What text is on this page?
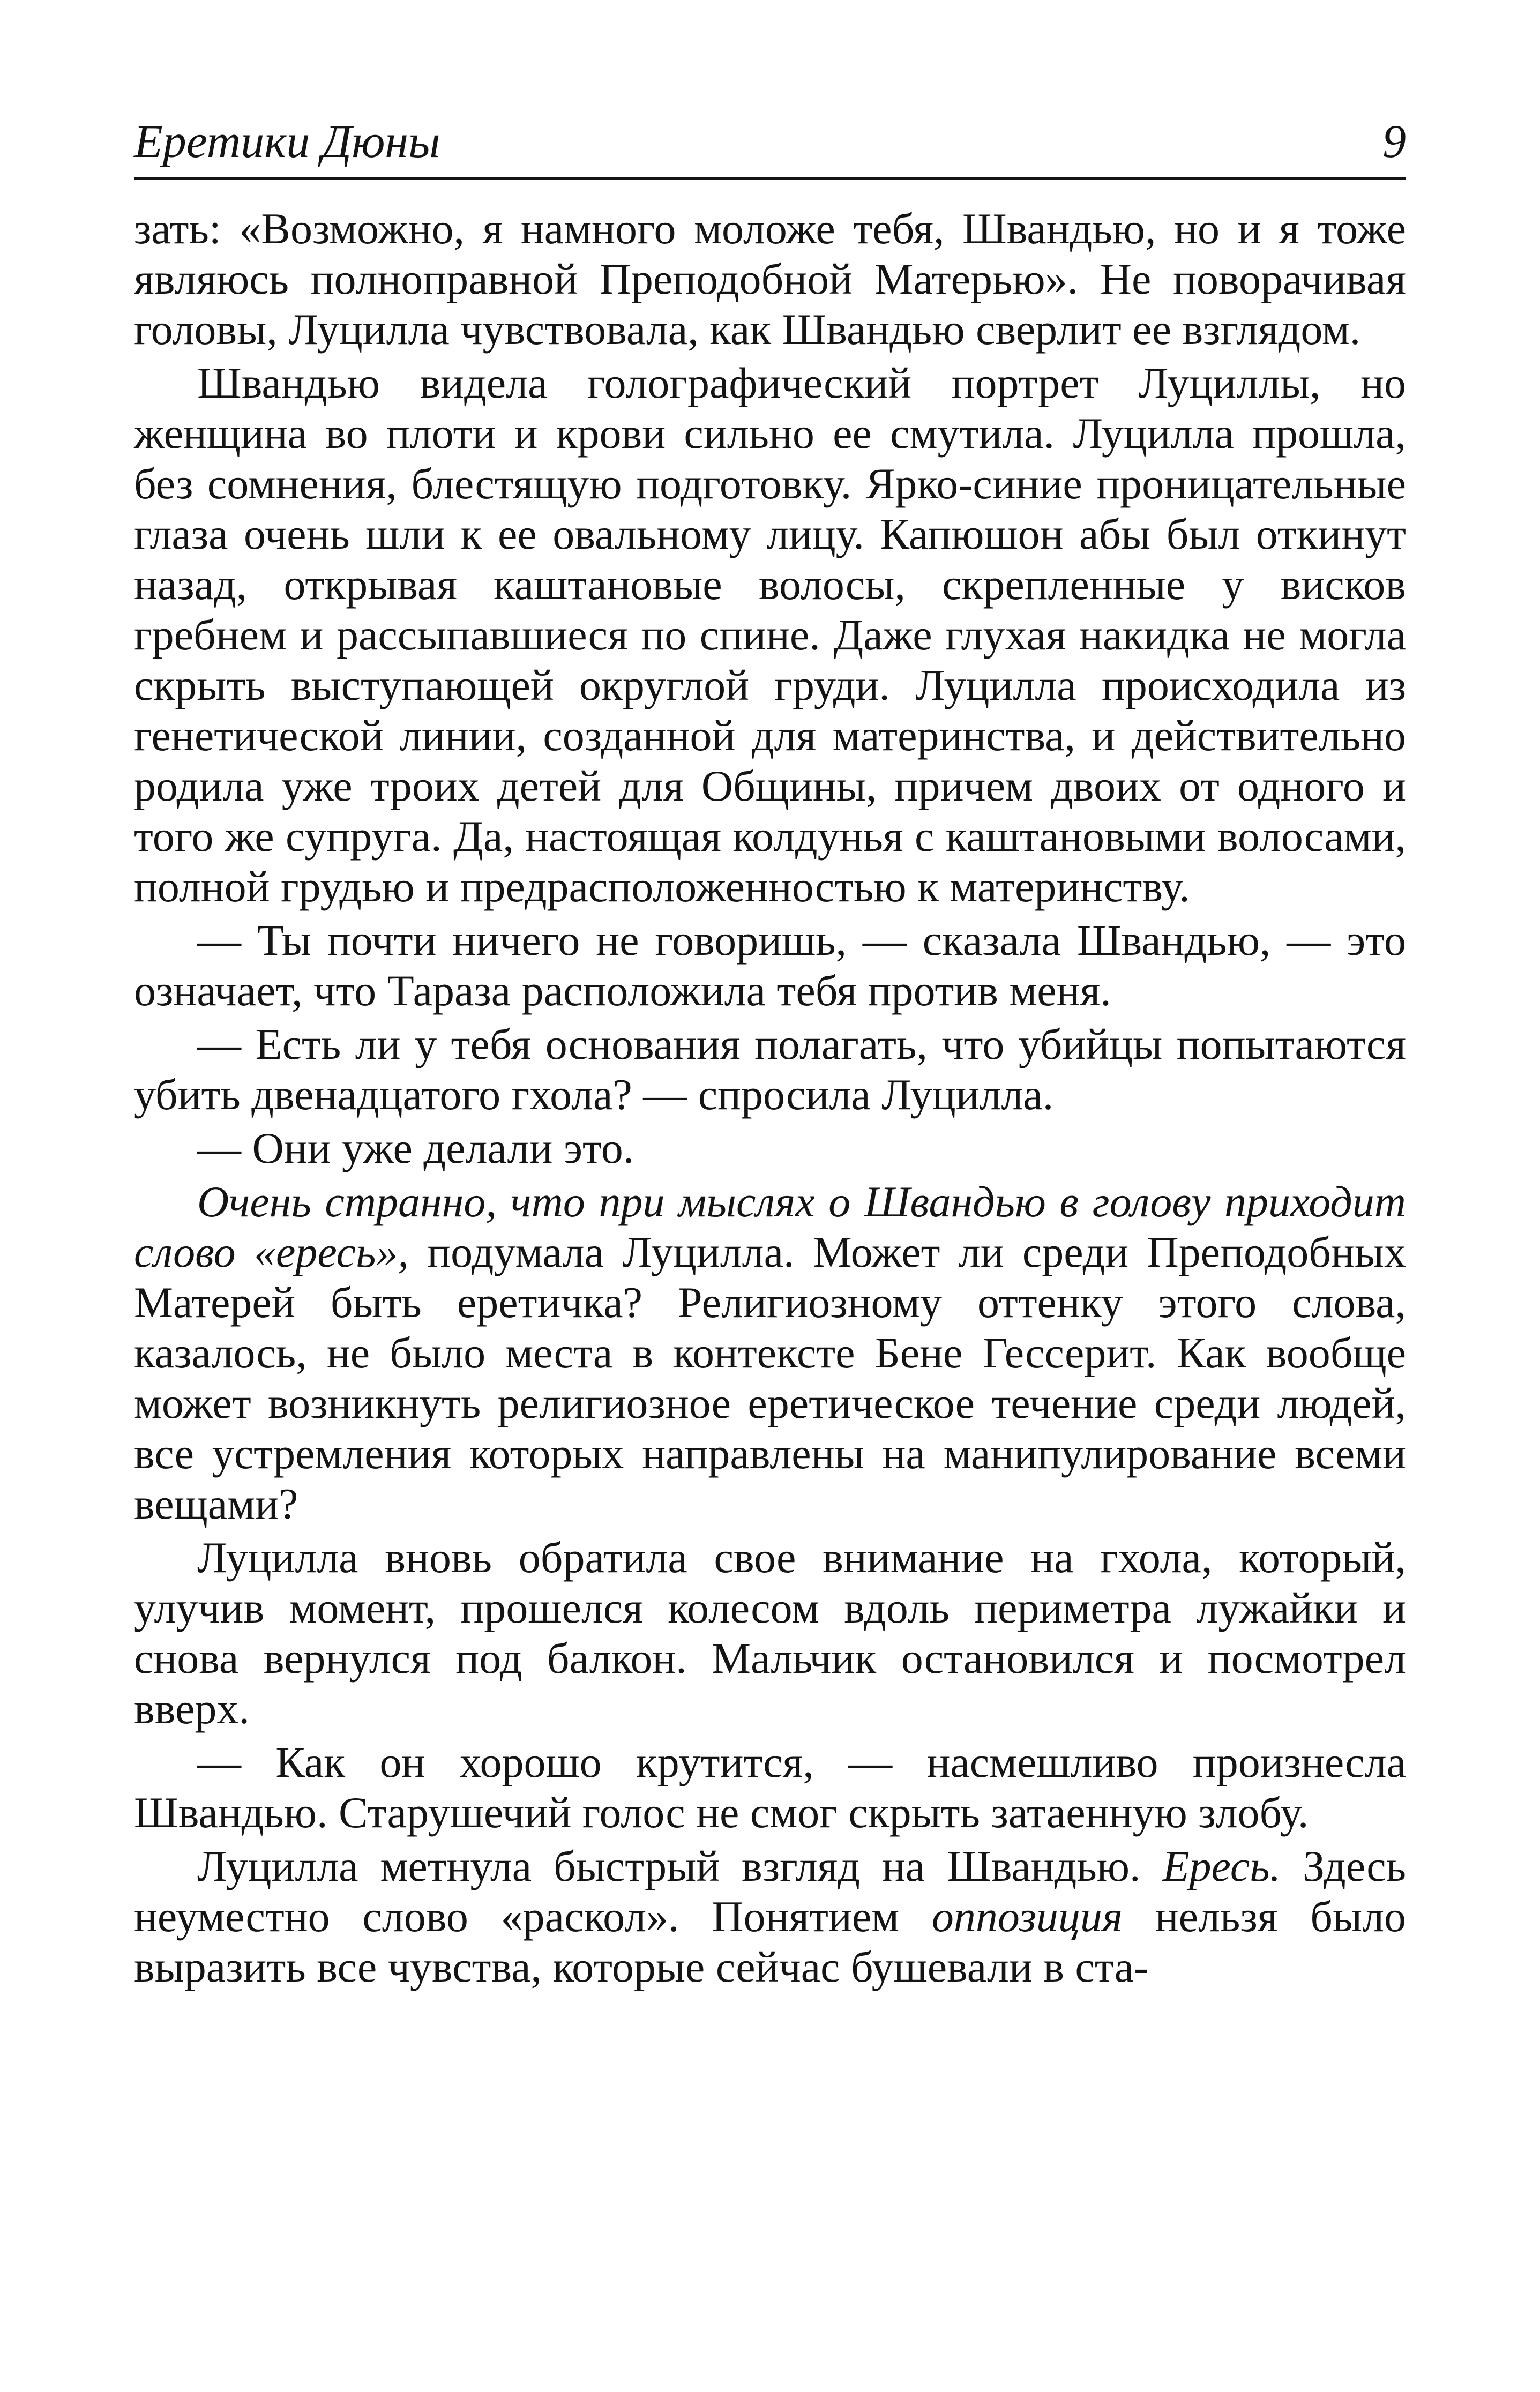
Еретики Дюны	9

зать: «Возможно, я намного моложе тебя, Швандью, но и я тоже являюсь полноправной Преподобной Матерью». Не поворачивая головы, Луцилла чувствовала, как Швандью сверлит ее взглядом.

Швандью видела голографический портрет Луциллы, но женщина во плоти и крови сильно ее смутила. Луцилла прошла, без сомнения, блестящую подготовку. Ярко-синие проницательные глаза очень шли к ее овальному лицу. Капюшон абы был откинут назад, открывая каштановые волосы, скрепленные у висков гребнем и рассыпавшиеся по спине. Даже глухая накидка не могла скрыть выступающей округлой груди. Луцилла происходила из генетической линии, созданной для материнства, и действительно родила уже троих детей для Общины, причем двоих от одного и того же супруга. Да, настоящая колдунья с каштановыми волосами, полной грудью и предрасположенностью к материнству.

— Ты почти ничего не говоришь, — сказала Швандью, — это означает, что Тараза расположила тебя против меня.

— Есть ли у тебя основания полагать, что убийцы попытаются убить двенадцатого гхола? — спросила Луцилла.

— Они уже делали это.

Очень странно, что при мыслях о Швандью в голову приходит слово «ересь», подумала Луцилла. Может ли среди Преподобных Матерей быть еретичка? Религиозному оттенку этого слова, казалось, не было места в контексте Бене Гессерит. Как вообще может возникнуть религиозное еретическое течение среди людей, все устремления которых направлены на манипулирование всеми вещами?

Луцилла вновь обратила свое внимание на гхола, который, улучив момент, прошелся колесом вдоль периметра лужайки и снова вернулся под балкон. Мальчик остановился и посмотрел вверх.

— Как он хорошо крутится, — насмешливо произнесла Швандью. Старушечий голос не смог скрыть затаенную злобу.

Луцилла метнула быстрый взгляд на Швандью. Ересь. Здесь неуместно слово «раскол». Понятием оппозиция нельзя было выразить все чувства, которые сейчас бушевали в ста-
